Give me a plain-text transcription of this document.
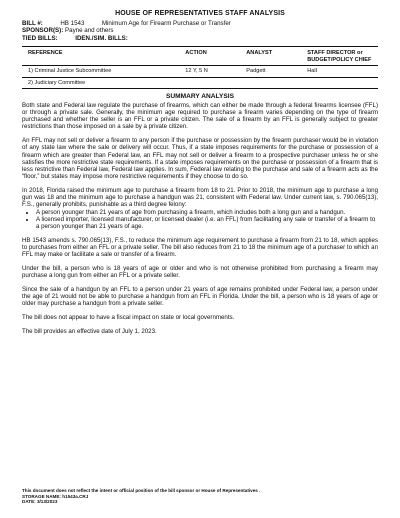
HOUSE OF REPRESENTATIVES STAFF ANALYSIS
BILL #:	HB 1543	Minimum Age for Firearm Purchase or Transfer
SPONSOR(S): Payne and others
TIED BILLS:	IDEN./SIM. BILLS:
REFERENCE	ACTION	ANALYST	STAFF DIRECTOR or BUDGET/POLICY CHIEF
1) Criminal Justice Subcommittee	12 Y, 5 N	Padgett	Hall
2) Judiciary Committee
SUMMARY ANALYSIS

Both state and Federal law regulate the purchase of firearms, which can either be made through a federal firearms licensee (FFL) or through a private sale. Generally, the minimum age required to purchase a firearm varies depending on the type of firearm purchased and whether the seller is an FFL or a private citizen. The sale of a firearm by an FFL is generally subject to greater restrictions than those imposed on a sale by a private citizen.

An FFL may not sell or deliver a firearm to any person if the purchase or possession by the firearm purchaser would be in violation of any state law where the sale or delivery will occur. Thus, if a state imposes requirements for the purchase or possession of a firearm which are greater than Federal law, an FFL may not sell or deliver a firearm to a prospective purchaser unless he or she satisfies the more restrictive state requirements. If a state imposes requirements on the purchase or possession of a firearm that is less restrictive than Federal law, Federal law applies. In sum, Federal law relating to the purchase and sale of a firearm acts as the “floor,” but states may impose more restrictive requirements if they choose to do so.

In 2018, Florida raised the minimum age to purchase a firearm from 18 to 21. Prior to 2018, the minimum age to purchase a long gun was 18 and the minimum age to purchase a handgun was 21, consistent with Federal law. Under current law, s. 790.065(13), F.S., generally prohibits, punishable as a third degree felony:

• A person younger than 21 years of age from purchasing a firearm, which includes both a long gun and a handgun.
• A licensed importer, licensed manufacturer, or licensed dealer (i.e. an FFL) from facilitating any sale or transfer of a firearm to a person younger than 21 years of age.

HB 1543 amends s. 790.065(13), F.S., to reduce the minimum age requirement to purchase a firearm from 21 to 18, which applies to purchases from either an FFL or a private seller. The bill also reduces from 21 to 18 the minimum age of a purchaser to which an FFL may make or facilitate a sale or transfer of a firearm.

Under the bill, a person who is 18 years of age or older and who is not otherwise prohibited from purchasing a firearm may purchase a long gun from either an FFL or a private seller.

Since the sale of a handgun by an FFL to a person under 21 years of age remains prohibited under Federal law, a person under the age of 21 would not be able to purchase a handgun from an FFL in Florida. Under the bill, a person who is 18 years of age or older may purchase a handgun from a private seller.

The bill does not appear to have a fiscal impact on state or local governments.

The bill provides an effective date of July 1, 2023.

This document does not reflect the intent or official position of the bill sponsor or House of Representatives .
STORAGE NAME: h1543a.CRJ
DATE: 3/13/2023
